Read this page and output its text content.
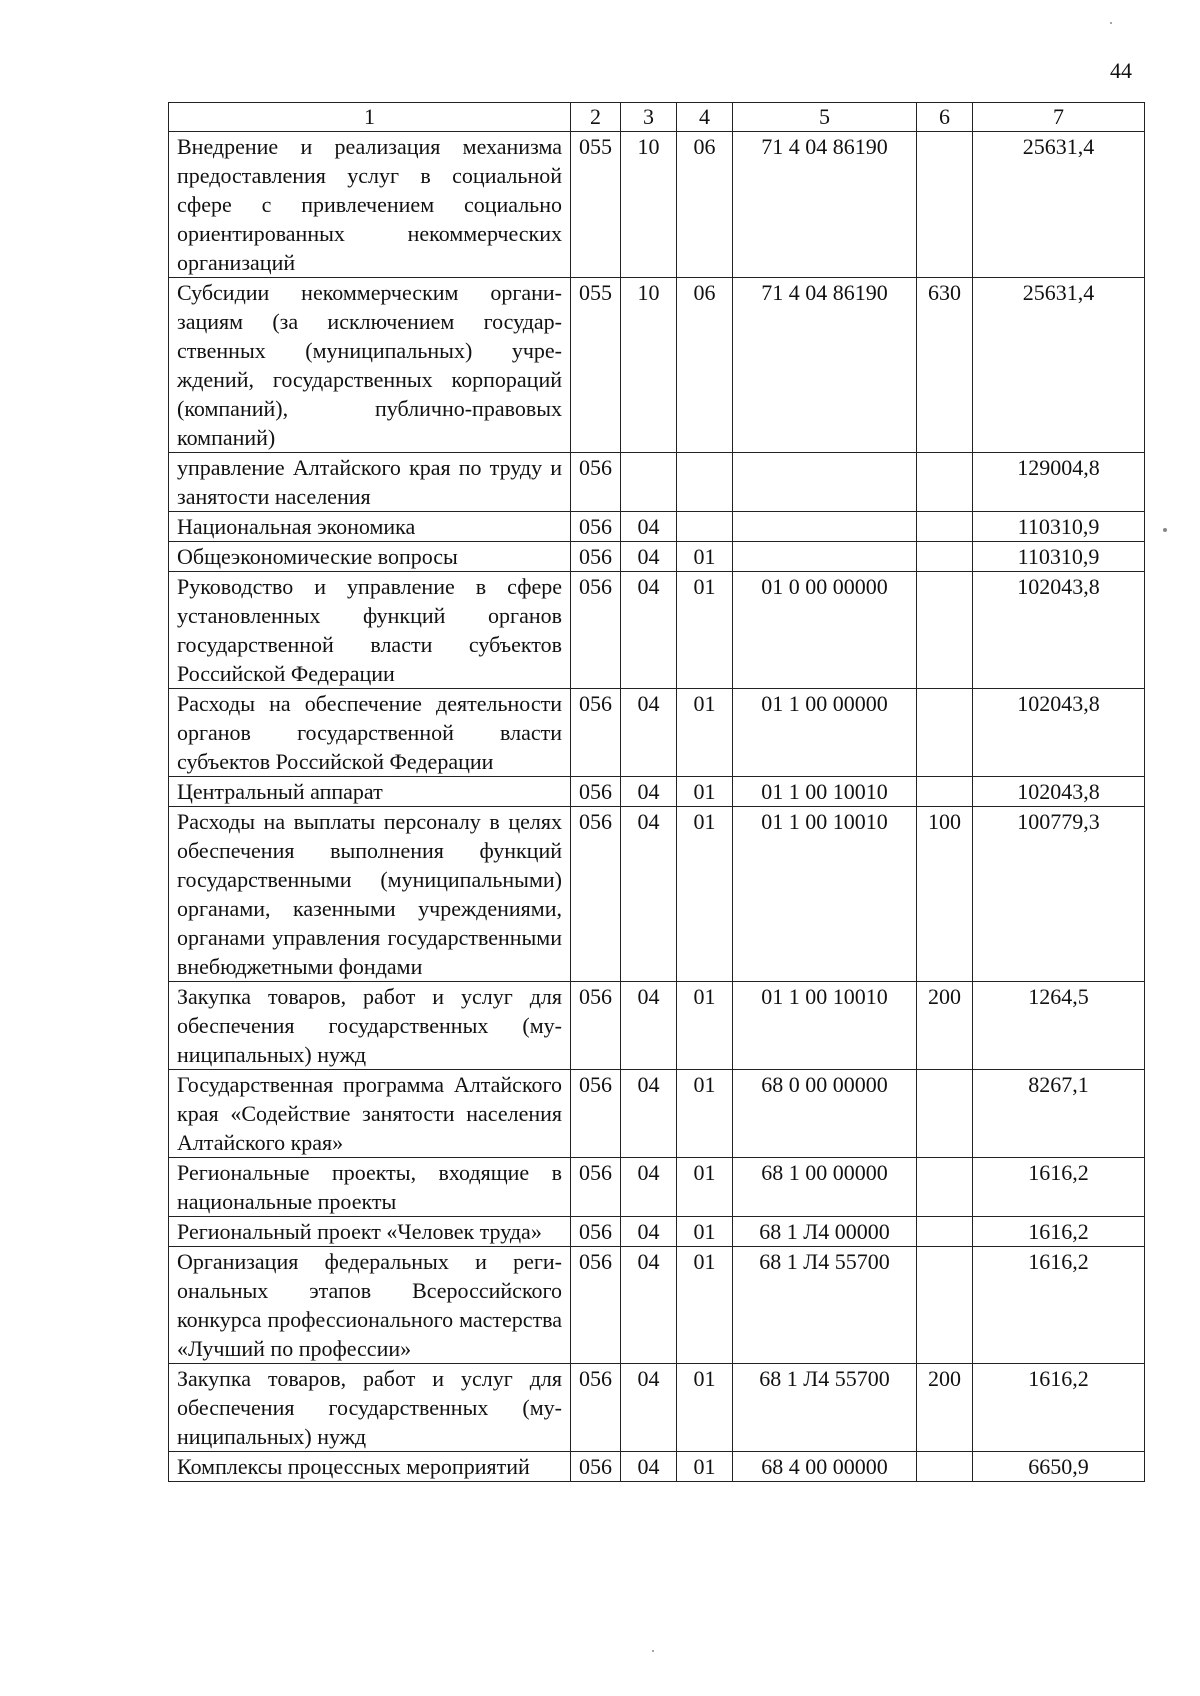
44
1	2	3	4	5	6	7
Внедрение и реализация механизма предоставления услуг в социальной сфере с привлечением социально ориентированных некоммерческих организаций	055	10	06	71 4 04 86190		25631,4
Субсидии некоммерческим организациям (за исключением государственных (муниципальных) учреждений, государственных корпораций (компаний), публично-правовых компаний)	055	10	06	71 4 04 86190	630	25631,4
управление Алтайского края по труду и занятости населения	056					129004,8
Национальная экономика	056	04				110310,9
Общеэкономические вопросы	056	04	01			110310,9
Руководство и управление в сфере установленных функций органов государственной власти субъектов Российской Федерации	056	04	01	01 0 00 00000		102043,8
Расходы на обеспечение деятельности органов государственной власти субъектов Российской Федерации	056	04	01	01 1 00 00000		102043,8
Центральный аппарат	056	04	01	01 1 00 10010		102043,8
Расходы на выплаты персоналу в целях обеспечения выполнения функций государственными (муниципальными) органами, казенными учреждениями, органами управления государственными внебюджетными фондами	056	04	01	01 1 00 10010	100	100779,3
Закупка товаров, работ и услуг для обеспечения государственных (муниципальных) нужд	056	04	01	01 1 00 10010	200	1264,5
Государственная программа Алтайского края «Содействие занятости населения Алтайского края»	056	04	01	68 0 00 00000		8267,1
Региональные проекты, входящие в национальные проекты	056	04	01	68 1 00 00000		1616,2
Региональный проект «Человек труда»	056	04	01	68 1 Л4 00000		1616,2
Организация федеральных и региональных этапов Всероссийского конкурса профессионального мастерства «Лучший по профессии»	056	04	01	68 1 Л4 55700		1616,2
Закупка товаров, работ и услуг для обеспечения государственных (муниципальных) нужд	056	04	01	68 1 Л4 55700	200	1616,2
Комплексы процессных мероприятий	056	04	01	68 4 00 00000		6650,9
